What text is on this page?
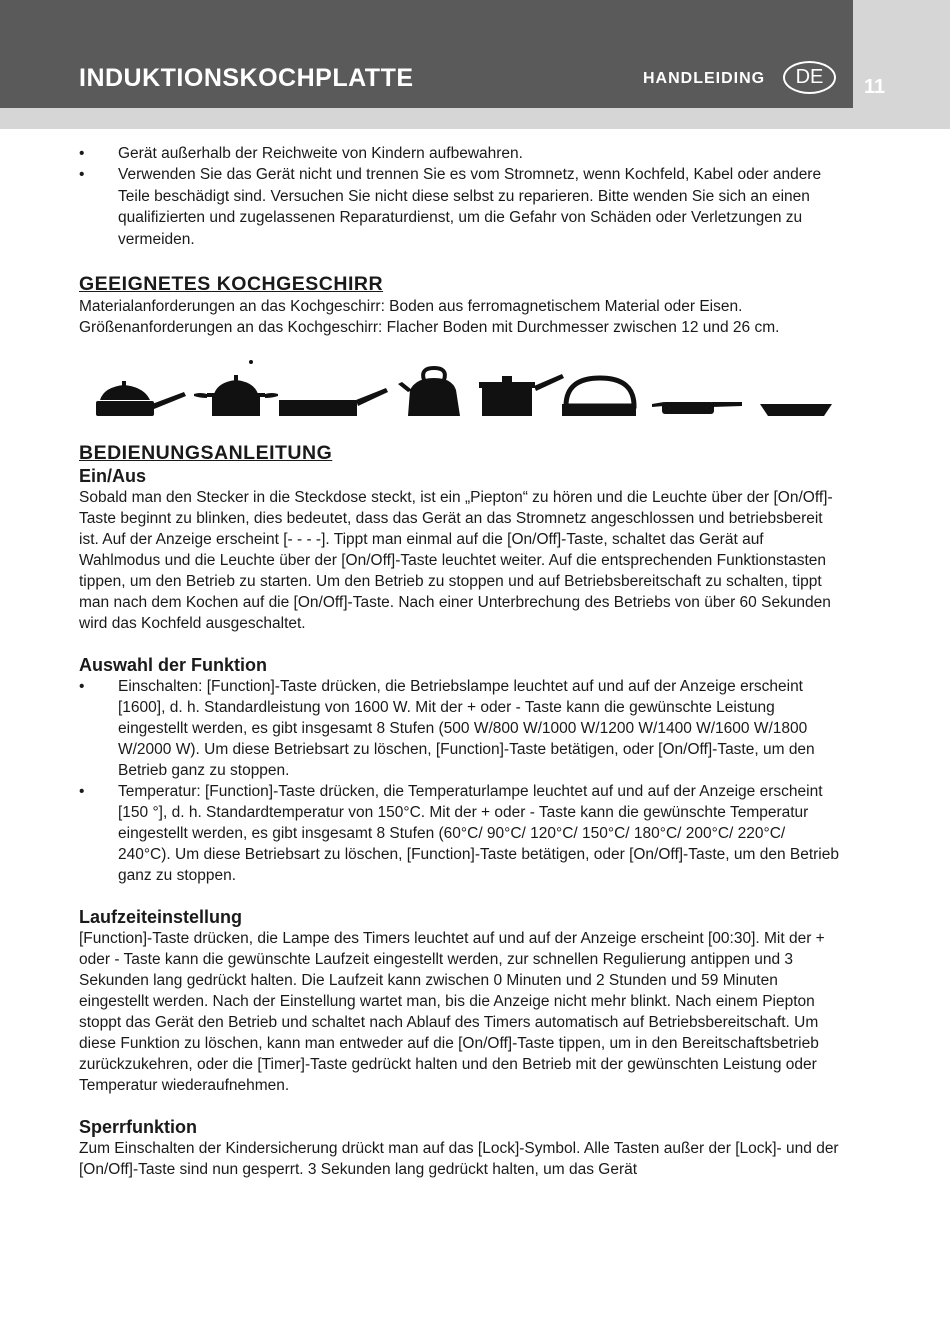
11
INDUKTIONSKOCHPLATTE	HANDLEIDING	DE
• Gerät außerhalb der Reichweite von Kindern aufbewahren.
• Verwenden Sie das Gerät nicht und trennen Sie es vom Stromnetz, wenn Kochfeld, Kabel oder andere Teile beschädigt sind. Versuchen Sie nicht diese selbst zu reparieren. Bitte wenden Sie sich an einen qualifizierten und zugelassenen Reparaturdienst, um die Gefahr von Schäden oder Verletzungen zu vermeiden.
GEEIGNETES KOCHGESCHIRR

Materialanforderungen an das Kochgeschirr: Boden aus ferromagnetischem Material oder Eisen. Größenanforderungen an das Kochgeschirr: Flacher Boden mit Durchmesser zwischen 12 und 26 cm.

BEDIENUNGSANLEITUNG
Ein/Aus

Sobald man den Stecker in die Steckdose steckt, ist ein „Piepton“ zu hören und die Leuchte über der [On/Off]-Taste beginnt zu blinken, dies bedeutet, dass das Gerät an das Stromnetz angeschlossen und betriebsbereit ist. Auf der Anzeige erscheint [- - - -]. Tippt man einmal auf die [On/Off]-Taste, schaltet das Gerät auf Wahlmodus und die Leuchte über der [On/Off]-Taste leuchtet weiter. Auf die entsprechenden Funktionstasten tippen, um den Betrieb zu starten. Um den Betrieb zu stoppen und auf Betriebsbereitschaft zu schalten, tippt man nach dem Kochen auf die [On/Off]-Taste. Nach einer Unterbrechung des Betriebs von über 60 Sekunden wird das Kochfeld ausgeschaltet.

Auswahl der Funktion
• Einschalten: [Function]-Taste drücken, die Betriebslampe leuchtet auf und auf der Anzeige erscheint [1600], d. h. Standardleistung von 1600 W. Mit der + oder - Taste kann die gewünschte Leistung eingestellt werden, es gibt insgesamt 8 Stufen (500 W/800 W/1000 W/1200 W/1400 W/1600 W/1800 W/2000 W). Um diese Betriebsart zu löschen, [Function]-Taste betätigen, oder [On/Off]-Taste, um den Betrieb ganz zu stoppen.
• Temperatur: [Function]-Taste drücken, die Temperaturlampe leuchtet auf und auf der Anzeige erscheint [150 °], d. h. Standardtemperatur von 150°C. Mit der + oder - Taste kann die gewünschte Temperatur eingestellt werden, es gibt insgesamt 8 Stufen (60°C/ 90°C/ 120°C/ 150°C/ 180°C/ 200°C/ 220°C/ 240°C). Um diese Betriebsart zu löschen, [Function]-Taste betätigen, oder [On/Off]-Taste, um den Betrieb ganz zu stoppen.
Laufzeiteinstellung

[Function]-Taste drücken, die Lampe des Timers leuchtet auf und auf der Anzeige erscheint [00:30]. Mit der + oder - Taste kann die gewünschte Laufzeit eingestellt werden, zur schnellen Regulierung antippen und 3 Sekunden lang gedrückt halten. Die Laufzeit kann zwischen 0 Minuten und 2 Stunden und 59 Minuten eingestellt werden. Nach der Einstellung wartet man, bis die Anzeige nicht mehr blinkt. Nach einem Piepton stoppt das Gerät den Betrieb und schaltet nach Ablauf des Timers automatisch auf Betriebsbereitschaft. Um diese Funktion zu löschen, kann man entweder auf die [On/Off]-Taste tippen, um in den Bereitschaftsbetrieb zurückzukehren, oder die [Timer]-Taste gedrückt halten und den Betrieb mit der gewünschten Leistung oder Temperatur wiederaufnehmen.

Sperrfunktion

Zum Einschalten der Kindersicherung drückt man auf das [Lock]-Symbol. Alle Tasten außer der [Lock]- und der [On/Off]-Taste sind nun gesperrt. 3 Sekunden lang gedrückt halten, um das Gerät
